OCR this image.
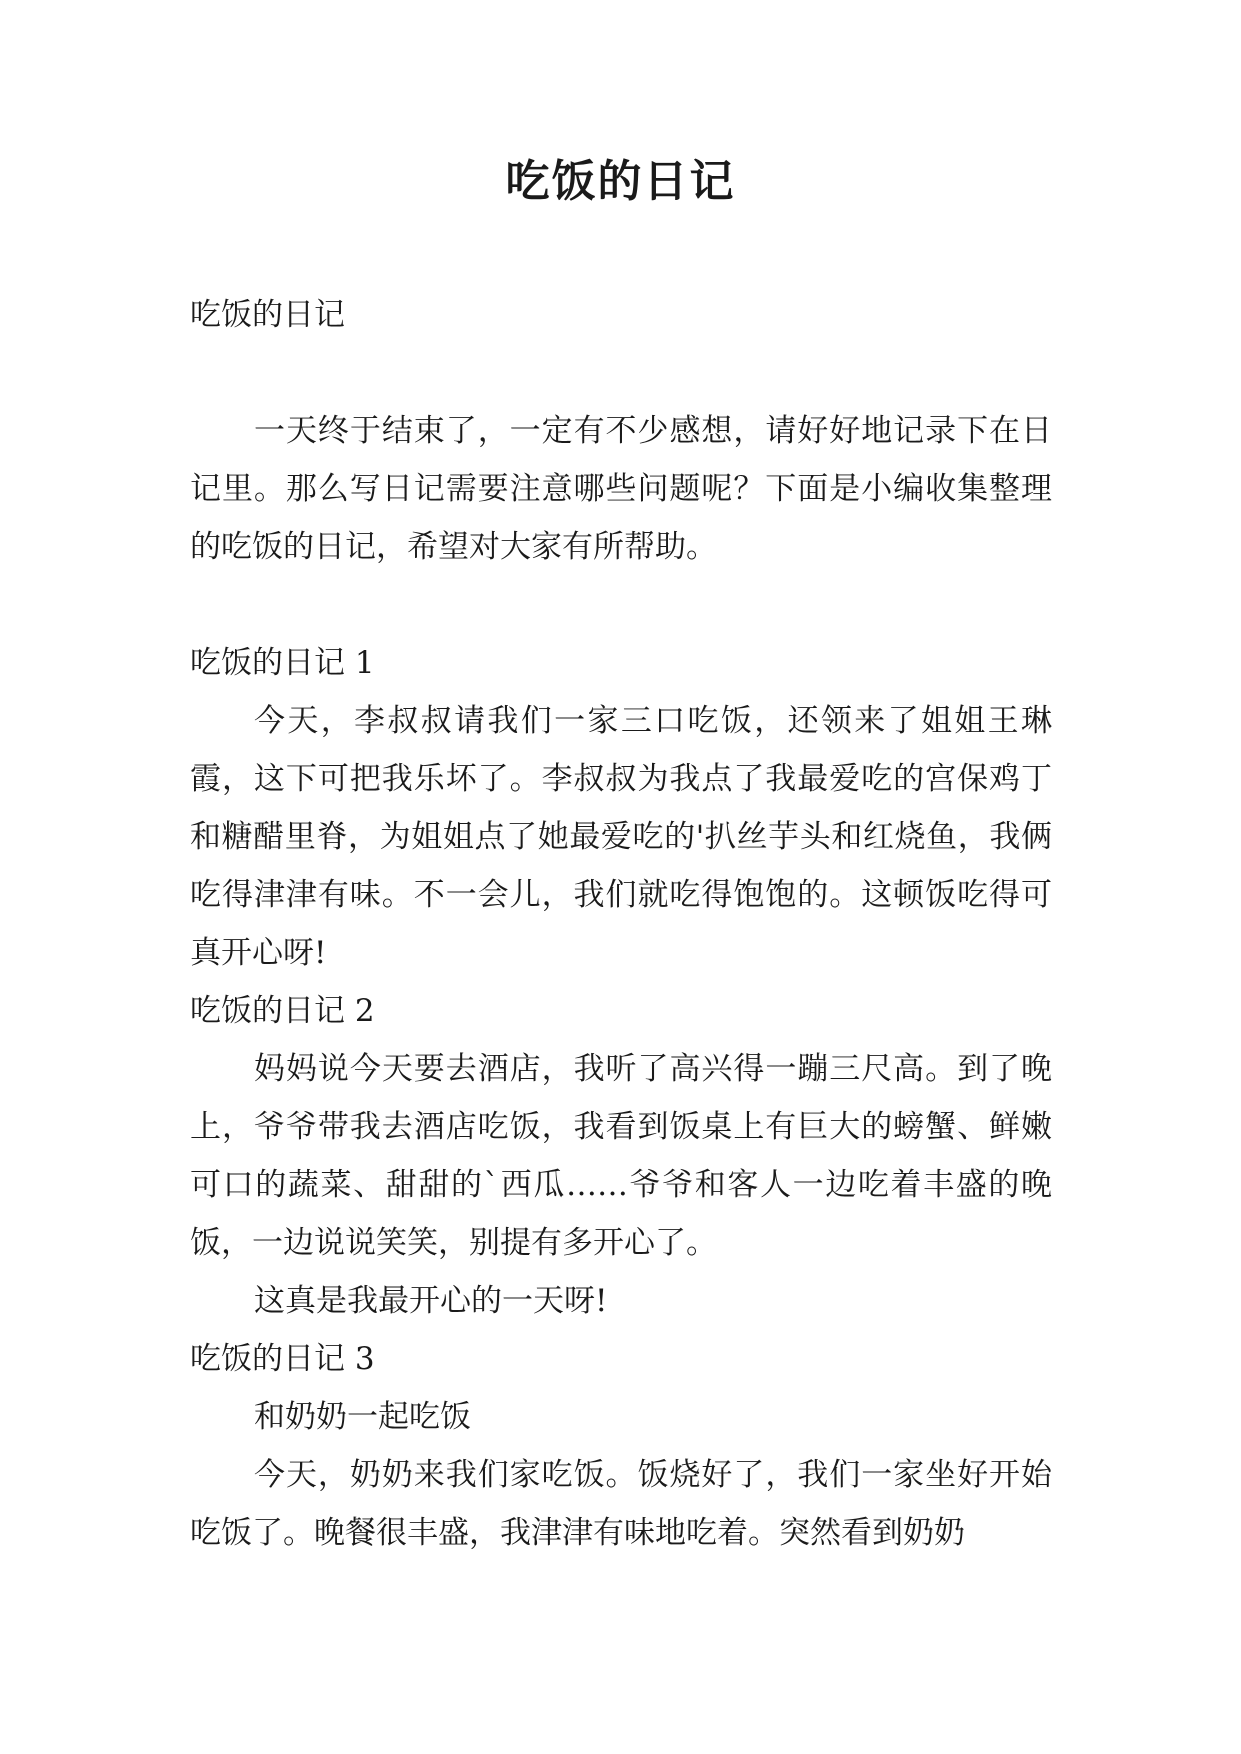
吃饭的日记

吃饭的日记

一天终于结束了，一定有不少感想，请好好地记录下在日记里。那么写日记需要注意哪些问题呢？下面是小编收集整理的吃饭的日记，希望对大家有所帮助。

吃饭的日记 1

今天，李叔叔请我们一家三口吃饭，还领来了姐姐王琳霞，这下可把我乐坏了。李叔叔为我点了我最爱吃的宫保鸡丁和糖醋里脊，为姐姐点了她最爱吃的'扒丝芋头和红烧鱼，我俩吃得津津有味。不一会儿，我们就吃得饱饱的。这顿饭吃得可真开心呀!

吃饭的日记 2

妈妈说今天要去酒店，我听了高兴得一蹦三尺高。到了晚上，爷爷带我去酒店吃饭，我看到饭桌上有巨大的螃蟹、鲜嫩可口的蔬菜、甜甜的`西瓜……爷爷和客人一边吃着丰盛的晚饭，一边说说笑笑，别提有多开心了。

这真是我最开心的一天呀!

吃饭的日记 3

和奶奶一起吃饭

今天，奶奶来我们家吃饭。饭烧好了，我们一家坐好开始吃饭了。晚餐很丰盛，我津津有味地吃着。突然看到奶奶
